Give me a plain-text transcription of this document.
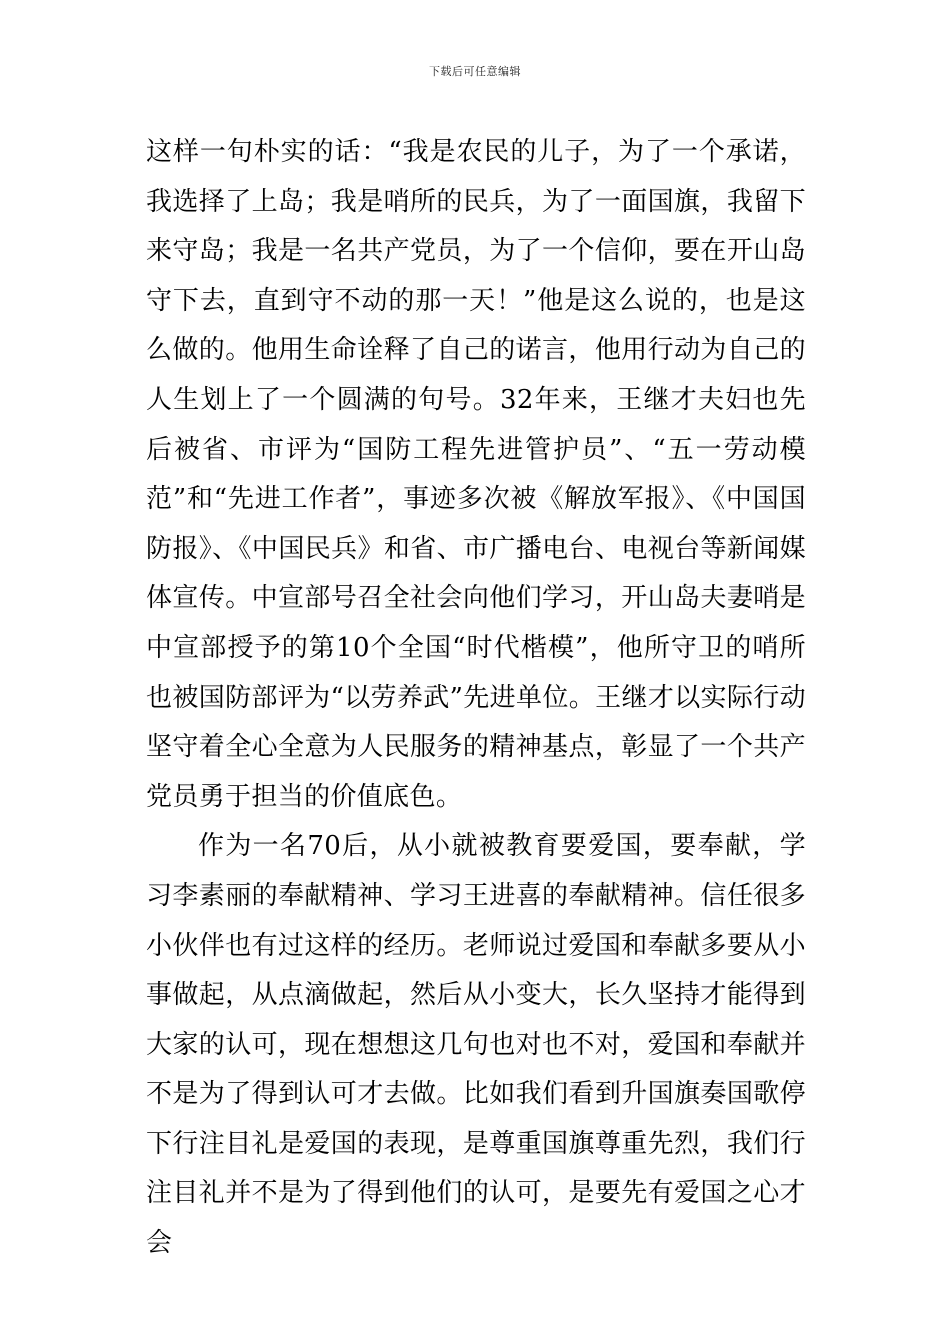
下载后可任意编辑

这样一句朴实的话：“我是农民的儿子，为了一个承诺，我选择了上岛；我是哨所的民兵，为了一面国旗，我留下来守岛；我是一名共产党员，为了一个信仰，要在开山岛守下去，直到守不动的那一天！”他是这么说的，也是这么做的。他用生命诠释了自己的诺言，他用行动为自己的人生划上了一个圆满的句号。32年来，王继才夫妇也先后被省、市评为“国防工程先进管护员”、“五一劳动模范”和“先进工作者”，事迹多次被《解放军报》、《中国国防报》、《中国民兵》和省、市广播电台、电视台等新闻媒体宣传。中宣部号召全社会向他们学习，开山岛夫妻哨是中宣部授予的第10个全国“时代楷模”，他所守卫的哨所也被国防部评为“以劳养武”先进单位。王继才以实际行动坚守着全心全意为人民服务的精神基点，彰显了一个共产党员勇于担当的价值底色。

作为一名70后，从小就被教育要爱国，要奉献，学习李素丽的奉献精神、学习王进喜的奉献精神。信任很多小伙伴也有过这样的经历。老师说过爱国和奉献多要从小事做起，从点滴做起，然后从小变大，长久坚持才能得到大家的认可，现在想想这几句也对也不对，爱国和奉献并不是为了得到认可才去做。比如我们看到升国旗奏国歌停下行注目礼是爱国的表现，是尊重国旗尊重先烈，我们行注目礼并不是为了得到他们的认可，是要先有爱国之心才会
